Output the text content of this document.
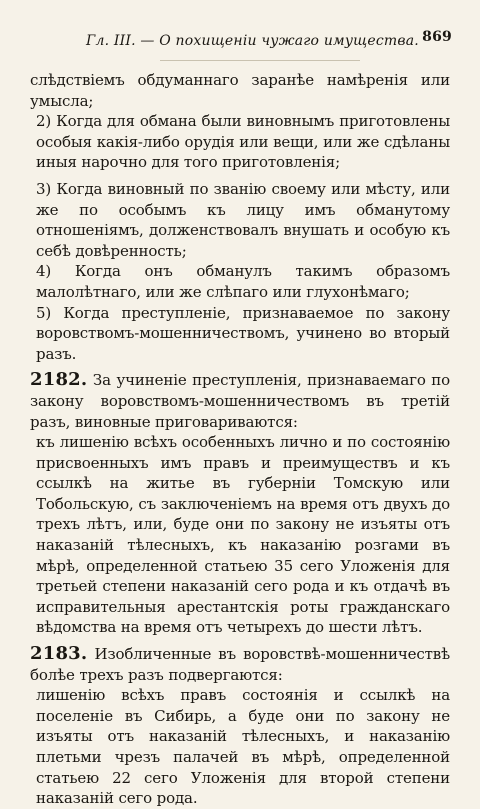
Гл. III. — О похищеніи чужаго имущества. 869

слѣдствіемъ обдуманнаго заранѣе намѣренія или умысла;

2) Когда для обмана были виновнымъ приготовлены особыя какія-либо орудія или вещи, или же сдѣланы иныя нарочно для того приготовленія;

3) Когда виновный по званію своему или мѣсту, или же по особымъ къ лицу имъ обманутому отношеніямъ, долженствовалъ внушать и особую къ себѣ довѣренность;

4) Когда онъ обманулъ такимъ образомъ малолѣтнаго, или же слѣпаго или глухонѣмаго;

5) Когда преступленіе, признаваемое по закону воровствомъ-мошенничествомъ, учинено во вторый разъ.

2182. За учиненіе преступленія, признаваемаго по закону воровствомъ-мошенничествомъ въ третій разъ, виновные приговариваются:

къ лишенію всѣхъ особенныхъ лично и по состоянію присвоенныхъ имъ правъ и преимуществъ и къ ссылкѣ на житье въ губерніи Томскую или Тобольскую, съ заключеніемъ на время отъ двухъ до трехъ лѣтъ, или, буде они по закону не изъяты отъ наказаній тѣлесныхъ, къ наказанію розгами въ мѣрѣ, определенной статьею 35 сего Уложенія для третьей степени наказаній сего рода и къ отдачѣ въ исправительныя арестантскія роты гражданскаго вѣдомства на время отъ четырехъ до шести лѣтъ.

2183. Изобличенные въ воровствѣ-мошенничествѣ болѣе трехъ разъ подвергаются:

лишенію всѣхъ правъ состоянія и ссылкѣ на поселеніе въ Сибирь, а буде они по закону не изъяты отъ наказаній тѣлесныхъ, и наказанію плетьми чрезъ палачей въ мѣрѣ, определенной статьею 22 сего Уложенія для второй степени наказаній сего рода.
